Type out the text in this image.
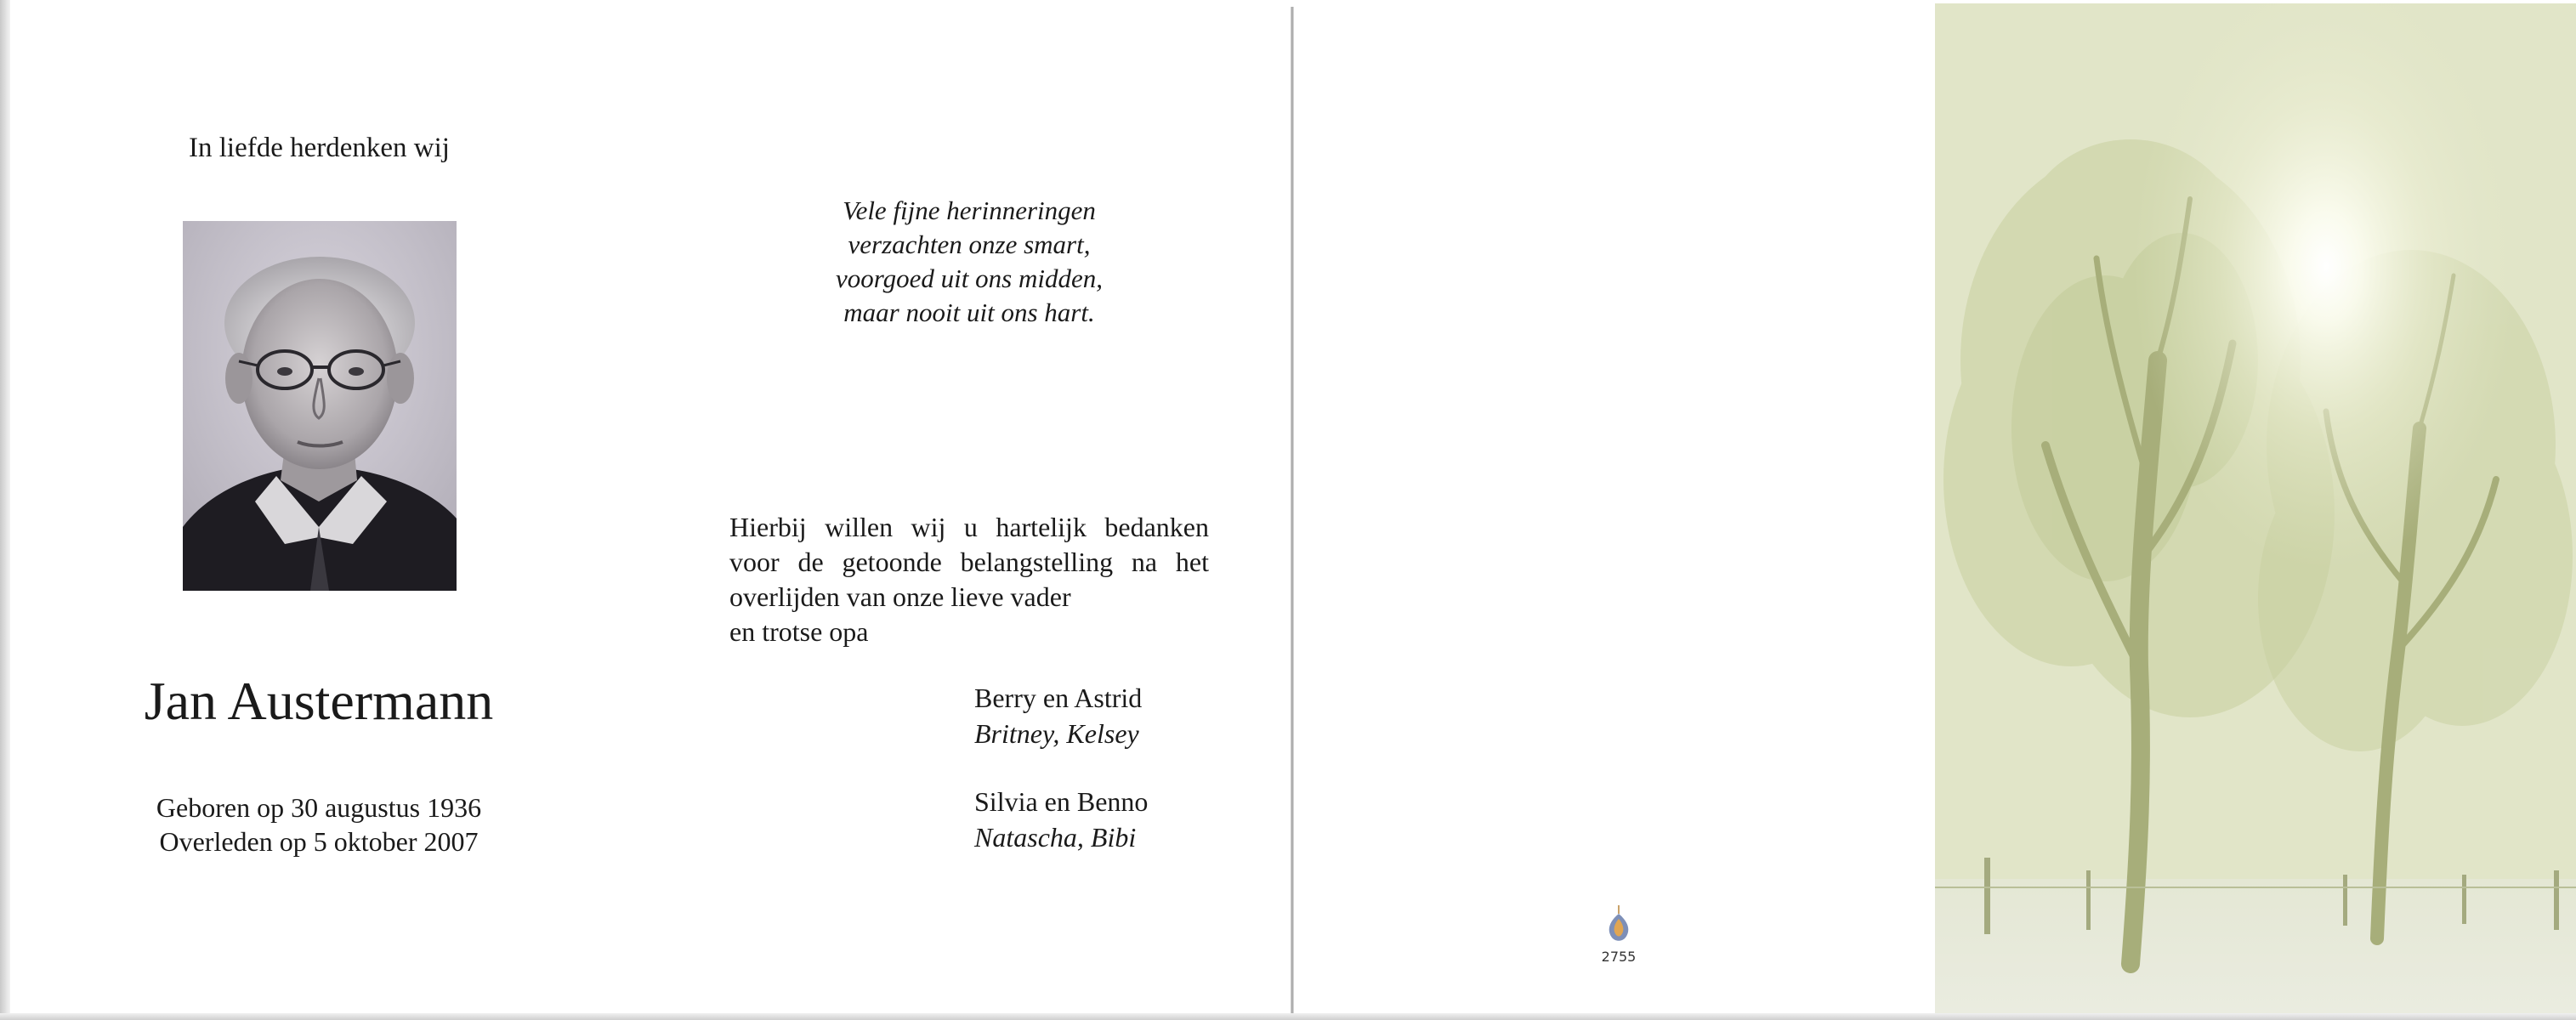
In liefde herdenken wij
Vele fijne herinneringen
verzachten onze smart,
voorgoed uit ons midden,
maar nooit uit ons hart.
Jan Austermann
Geboren op 30 augustus 1936
Overleden op 5 oktober 2007
Hierbij willen wij u hartelijk bedanken
voor de getoonde belangstelling na het
overlijden van onze lieve vader
en trotse opa
Berry en Astrid
Britney, Kelsey
Silvia en Benno
Natascha, Bibi
2755
